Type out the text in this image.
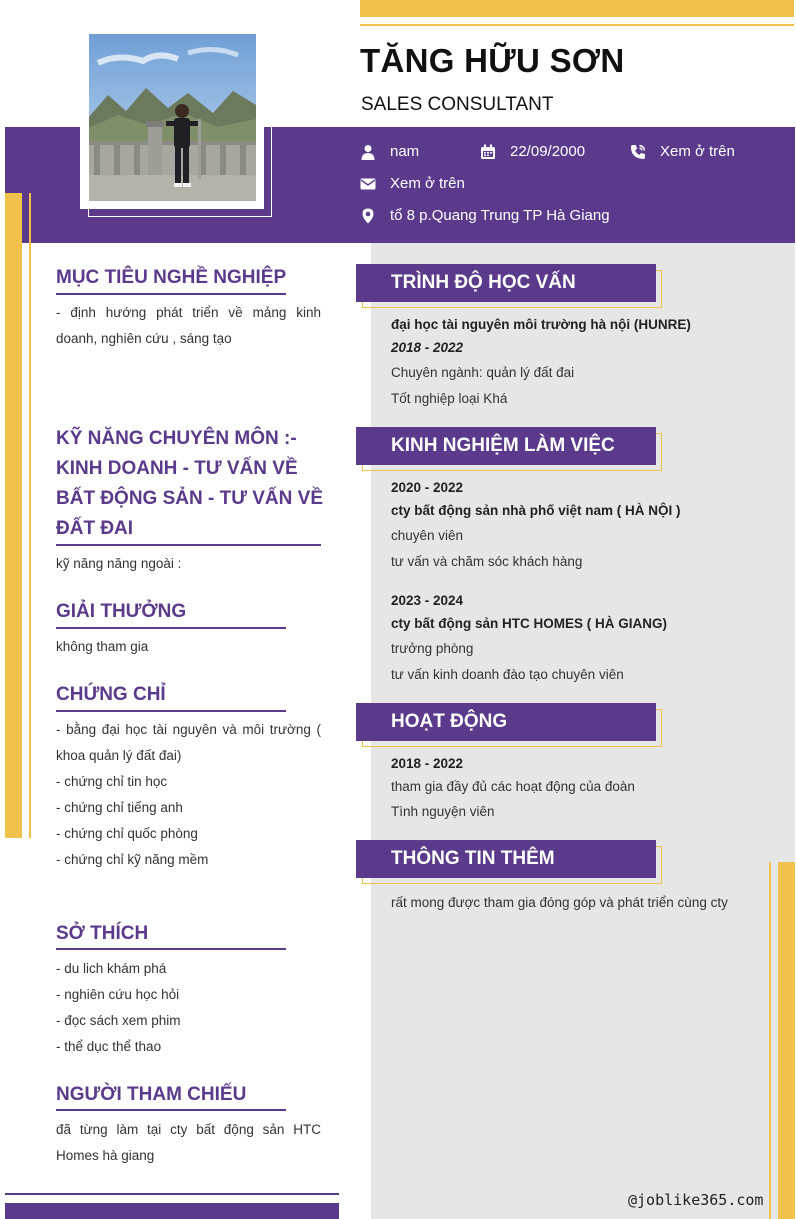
TĂNG HỮU SƠN
SALES CONSULTANT
nam	22/09/2000	Xem ở trên
Xem ở trên
tổ 8 p.Quang Trung TP Hà Giang
MỤC TIÊU NGHỀ NGHIỆP
- định hướng phát triển về mảng kinh doanh, nghiên cứu , sáng tạo
KỸ NĂNG CHUYÊN MÔN :-
KINH DOANH - TƯ VẤN VỀ
BẤT ĐỘNG SẢN - TƯ VẤN VỀ
ĐẤT ĐAI
kỹ năng năng ngoài :
GIẢI THƯỞNG
không tham gia
CHỨNG CHỈ
- bằng đại học tài nguyên và môi trường ( khoa quản lý đất đai)
- chứng chỉ tin học
- chứng chỉ tiếng anh
- chứng chỉ quốc phòng
- chứng chỉ kỹ năng mềm
SỞ THÍCH
- du lich khám phá
- nghiên cứu học hỏi
- đọc sách xem phim
- thể dục thể thao
NGƯỜI THAM CHIẾU
đã từng làm tại cty bất động sản HTC Homes hà giang
TRÌNH ĐỘ HỌC VẤN
đại học tài nguyên môi trường hà nội (HUNRE)
2018 - 2022
Chuyên ngành: quản lý đất đai
Tốt nghiệp loại Khá
KINH NGHIỆM LÀM VIỆC
2020 - 2022
cty bất động sản nhà phố việt nam ( HÀ NỘI )
chuyên viên
tư vấn và chăm sóc khách hàng
2023 - 2024
cty bất động sản HTC HOMES ( HÀ GIANG)
trưởng phòng
tư vấn kinh doanh đào tạo chuyên viên
HOẠT ĐỘNG
2018 - 2022
tham gia đầy đủ các hoạt động của đoàn
Tình nguyện viên
THÔNG TIN THÊM
rất mong được tham gia đóng góp và phát triển cùng cty
@joblike365.com
